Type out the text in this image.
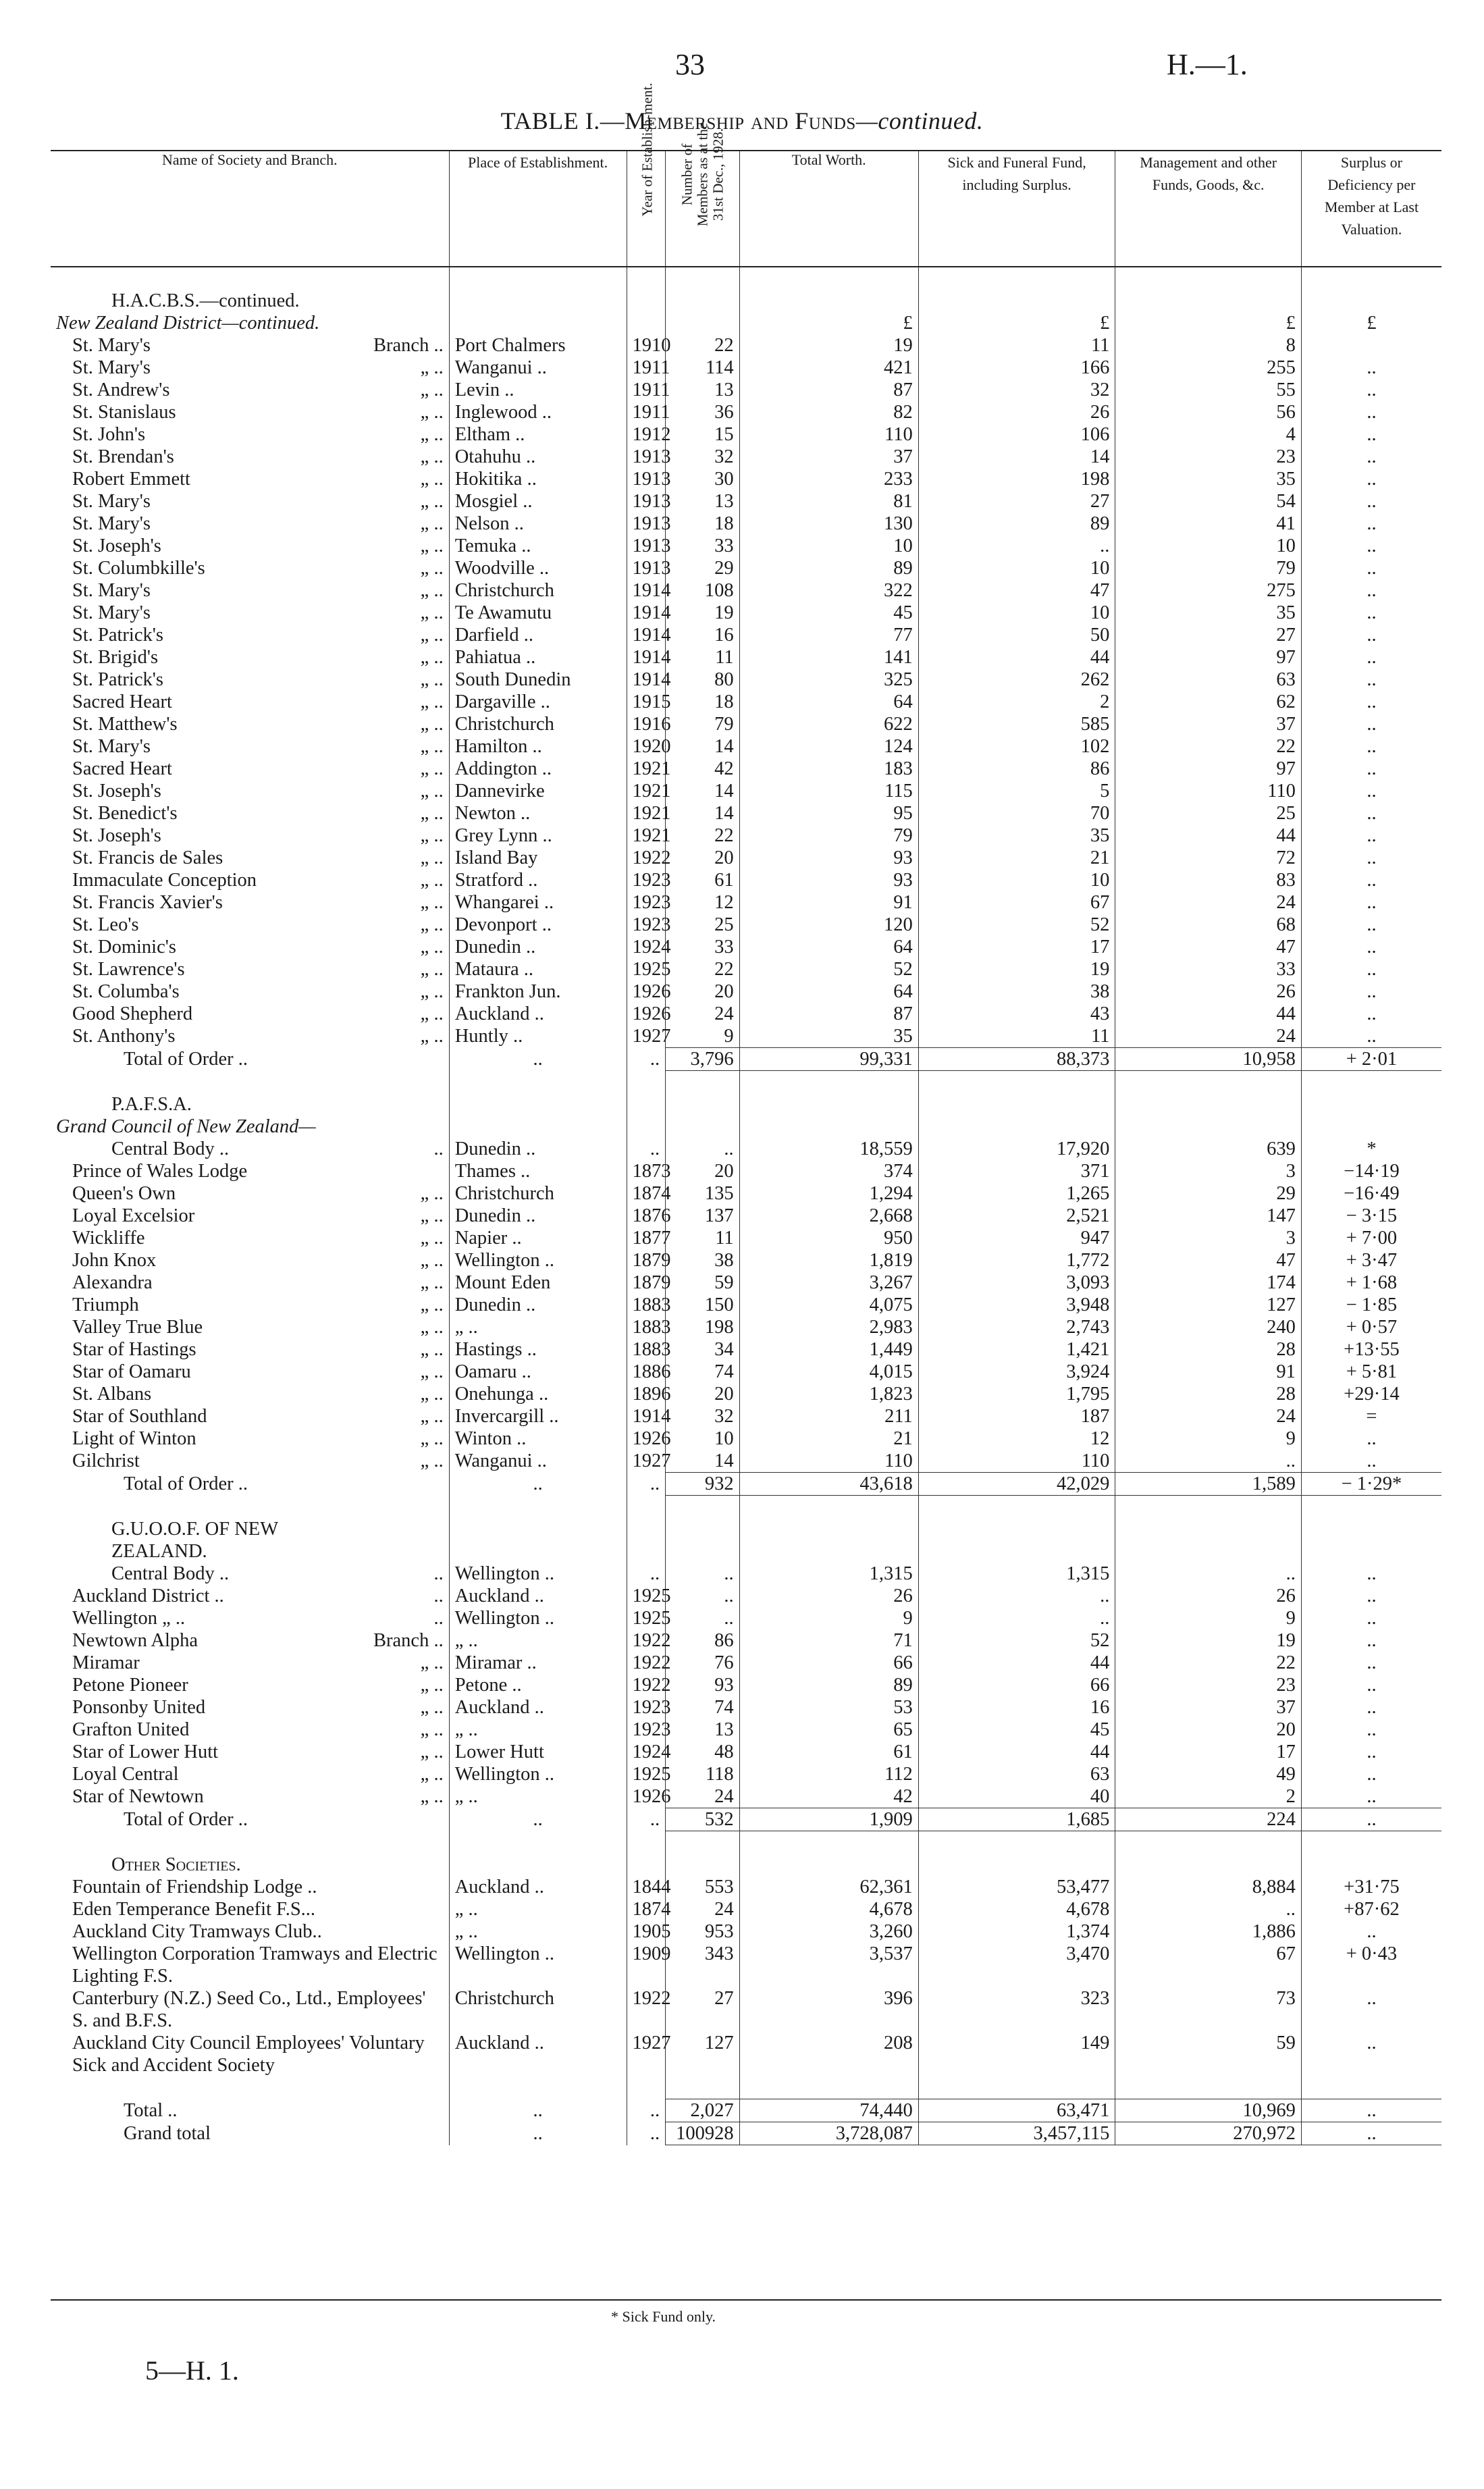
33	H.—1.
TABLE I.—Membership and Funds—continued.
Name of Society and Branch.	Place of Establishment.	Year of Establish-ment.	Number of Members as at the 31st Dec., 1928.	Total Worth.	Sick and Funeral Fund, including Surplus.	Management and other Funds, Goods, &c.	Surplus or Deficiency per Member at Last Valuation.

H.A.C.B.S.—continued.							
New Zealand District—continued.				£	£	£	£
St. Mary's Branch ..	Port Chalmers	1910	22	19	11	8	
St. Mary's „ ..	Wanganui ..	1911	114	421	166	255	..
St. Andrew's „ ..	Levin ..	1911	13	87	32	55	..
St. Stanislaus „ ..	Inglewood ..	1911	36	82	26	56	..
St. John's „ ..	Eltham ..	1912	15	110	106	4	..
St. Brendan's „ ..	Otahuhu ..	1913	32	37	14	23	..
Robert Emmett „ ..	Hokitika ..	1913	30	233	198	35	..
St. Mary's „ ..	Mosgiel ..	1913	13	81	27	54	..
St. Mary's „ ..	Nelson ..	1913	18	130	89	41	..
St. Joseph's „ ..	Temuka ..	1913	33	10	..	10	..
St. Columbkille's „ ..	Woodville ..	1913	29	89	10	79	..
St. Mary's „ ..	Christchurch	1914	108	322	47	275	..
St. Mary's „ ..	Te Awamutu	1914	19	45	10	35	..
St. Patrick's „ ..	Darfield ..	1914	16	77	50	27	..
St. Brigid's „ ..	Pahiatua ..	1914	11	141	44	97	..
St. Patrick's „ ..	South Dunedin	1914	80	325	262	63	..
Sacred Heart „ ..	Dargaville ..	1915	18	64	2	62	..
St. Matthew's „ ..	Christchurch	1916	79	622	585	37	..
St. Mary's „ ..	Hamilton ..	1920	14	124	102	22	..
Sacred Heart „ ..	Addington ..	1921	42	183	86	97	..
St. Joseph's „ ..	Dannevirke	1921	14	115	5	110	..
St. Benedict's „ ..	Newton ..	1921	14	95	70	25	..
St. Joseph's „ ..	Grey Lynn ..	1921	22	79	35	44	..
St. Francis de Sales „ ..	Island Bay	1922	20	93	21	72	..
Immaculate Conception „ ..	Stratford ..	1923	61	93	10	83	..
St. Francis Xavier's „ ..	Whangarei ..	1923	12	91	67	24	..
St. Leo's „ ..	Devonport ..	1923	25	120	52	68	..
St. Dominic's „ ..	Dunedin ..	1924	33	64	17	47	..
St. Lawrence's „ ..	Mataura ..	1925	22	52	19	33	..
St. Columba's „ ..	Frankton Jun.	1926	20	64	38	26	..
Good Shepherd „ ..	Auckland ..	1926	24	87	43	44	..
St. Anthony's „ ..	Huntly ..	1927	9	35	11	24	..
Total of Order ..	..	..	3,796	99,331	88,373	10,958	+ 2·01

P.A.F.S.A.							
Grand Council of New Zealand—							
Central Body .. ..	Dunedin ..	..	..	18,559	17,920	639	*
Prince of Wales Lodge	Thames ..	1873	20	374	371	3	−14·19
Queen's Own „ ..	Christchurch	1874	135	1,294	1,265	29	−16·49
Loyal Excelsior „ ..	Dunedin ..	1876	137	2,668	2,521	147	− 3·15
Wickliffe „ ..	Napier ..	1877	11	950	947	3	+ 7·00
John Knox „ ..	Wellington ..	1879	38	1,819	1,772	47	+ 3·47
Alexandra „ ..	Mount Eden	1879	59	3,267	3,093	174	+ 1·68
Triumph „ ..	Dunedin ..	1883	150	4,075	3,948	127	− 1·85
Valley True Blue „ ..	„ ..	1883	198	2,983	2,743	240	+ 0·57
Star of Hastings „ ..	Hastings ..	1883	34	1,449	1,421	28	+13·55
Star of Oamaru „ ..	Oamaru ..	1886	74	4,015	3,924	91	+ 5·81
St. Albans „ ..	Onehunga ..	1896	20	1,823	1,795	28	+29·14
Star of Southland „ ..	Invercargill ..	1914	32	211	187	24	=
Light of Winton „ ..	Winton ..	1926	10	21	12	9	..
Gilchrist „ ..	Wanganui ..	1927	14	110	110	..	..
Total of Order ..	..	..	932	43,618	42,029	1,589	− 1·29*

G.U.O.O.F. OF NEW ZEALAND.							
Central Body .. ..	Wellington ..	..	..	1,315	1,315	..	..
Auckland District .. ..	Auckland ..	1925	..	26	..	26	..
Wellington „ .. ..	Wellington ..	1925	..	9	..	9	..
Newtown Alpha Branch ..	„ ..	1922	86	71	52	19	..
Miramar „ ..	Miramar ..	1922	76	66	44	22	..
Petone Pioneer „ ..	Petone ..	1922	93	89	66	23	..
Ponsonby United „ ..	Auckland ..	1923	74	53	16	37	..
Grafton United „ ..	„ ..	1923	13	65	45	20	..
Star of Lower Hutt „ ..	Lower Hutt	1924	48	61	44	17	..
Loyal Central „ ..	Wellington ..	1925	118	112	63	49	..
Star of Newtown „ ..	„ ..	1926	24	42	40	2	..
Total of Order ..	..	..	532	1,909	1,685	224	..

Other Societies.							
Fountain of Friendship Lodge ..	Auckland ..	1844	553	62,361	53,477	8,884	+31·75
Eden Temperance Benefit F.S...	„ ..	1874	24	4,678	4,678	..	+87·62
Auckland City Tramways Club..	„ ..	1905	953	3,260	1,374	1,886	..
Wellington Corporation Tramways and Electric Lighting F.S.	Wellington ..	1909	343	3,537	3,470	67	+ 0·43
Canterbury (N.Z.) Seed Co., Ltd., Employees' S. and B.F.S.	Christchurch	1922	27	396	323	73	..
Auckland City Council Employees' Voluntary Sick and Accident Society	Auckland ..	1927	127	208	149	59	..

Total ..	..	..	2,027	74,440	63,471	10,969	..
Grand total	..	..	100928	3,728,087	3,457,115	270,972	..
* Sick Fund only.
5—H. 1.
